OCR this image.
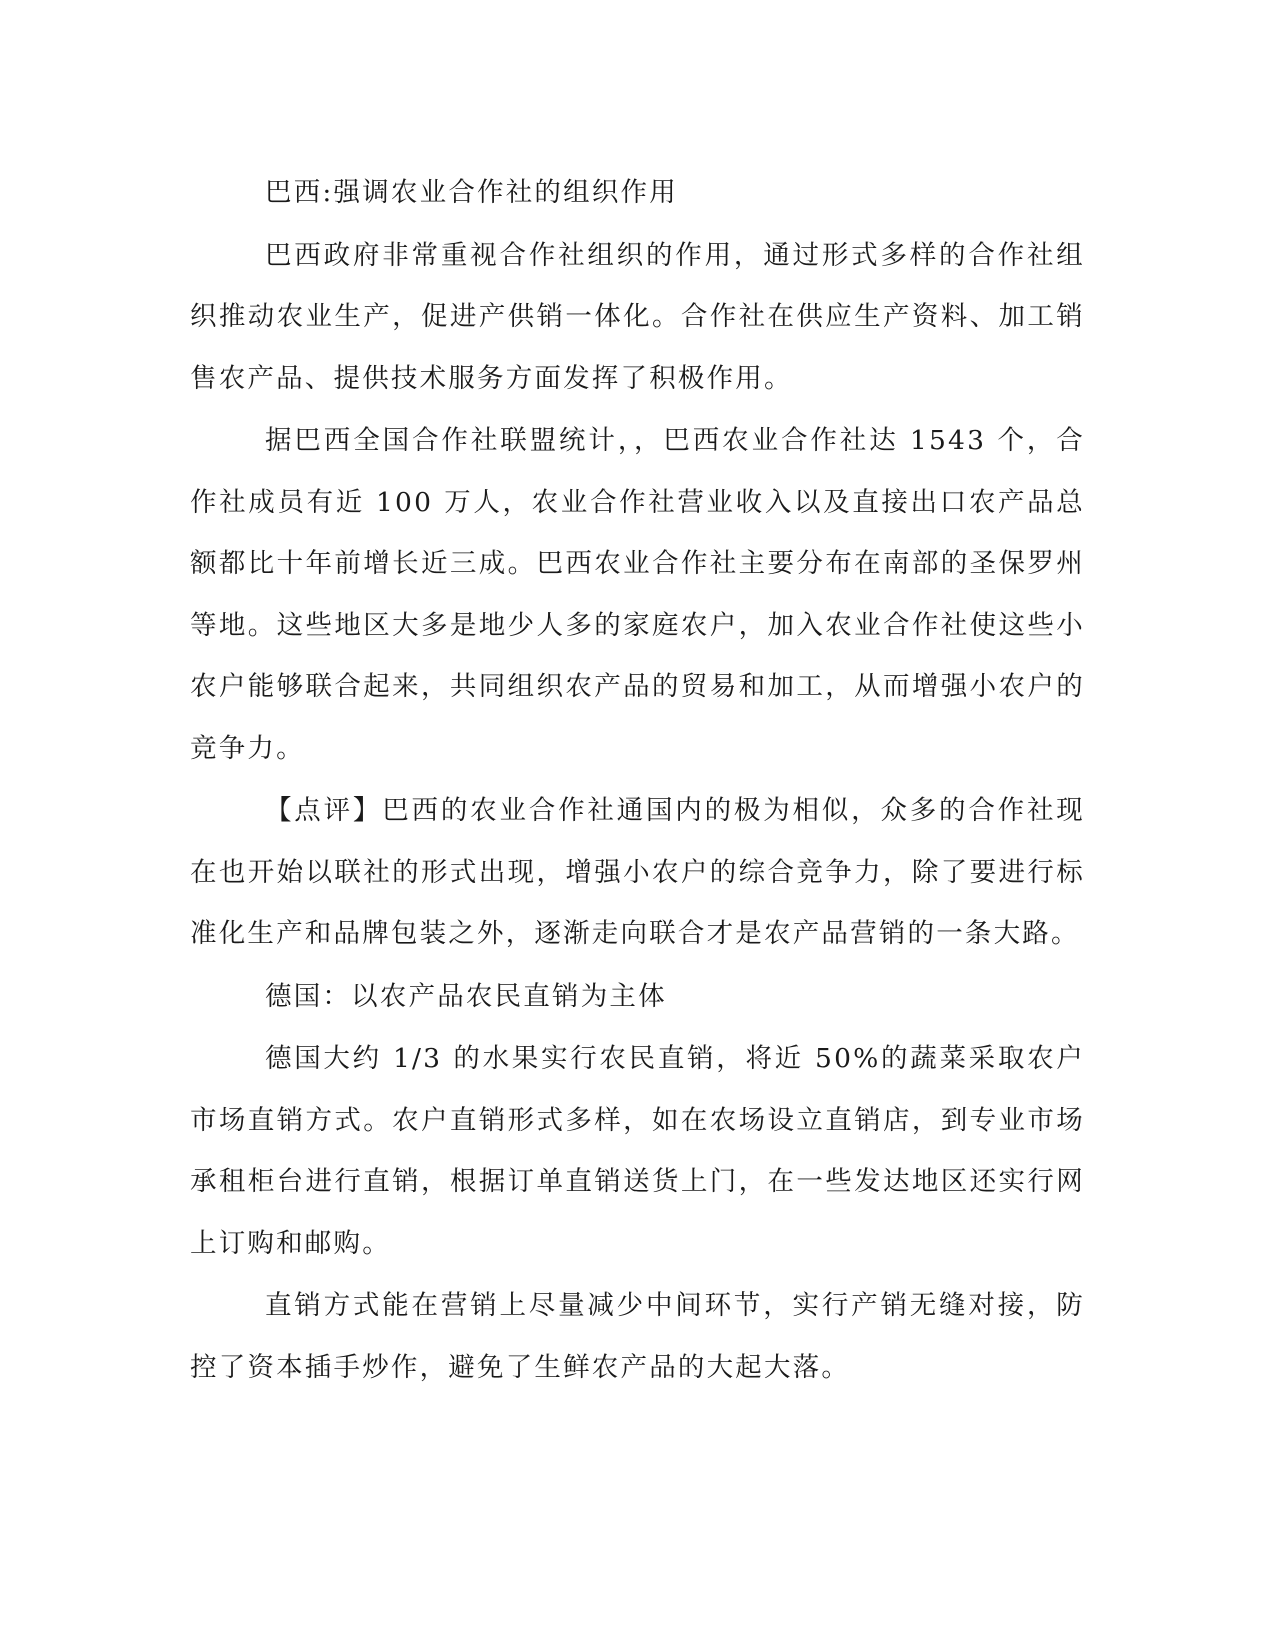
巴西:强调农业合作社的组织作用

巴西政府非常重视合作社组织的作用，通过形式多样的合作社组织推动农业生产，促进产供销一体化。合作社在供应生产资料、加工销售农产品、提供技术服务方面发挥了积极作用。

据巴西全国合作社联盟统计，，巴西农业合作社达 1543 个，合作社成员有近 100 万人，农业合作社营业收入以及直接出口农产品总额都比十年前增长近三成。巴西农业合作社主要分布在南部的圣保罗州等地。这些地区大多是地少人多的家庭农户，加入农业合作社使这些小农户能够联合起来，共同组织农产品的贸易和加工，从而增强小农户的竞争力。

【点评】巴西的农业合作社通国内的极为相似，众多的合作社现在也开始以联社的形式出现，增强小农户的综合竞争力，除了要进行标准化生产和品牌包装之外，逐渐走向联合才是农产品营销的一条大路。

德国：以农产品农民直销为主体

德国大约 1/3 的水果实行农民直销，将近 50%的蔬菜采取农户市场直销方式。农户直销形式多样，如在农场设立直销店，到专业市场承租柜台进行直销，根据订单直销送货上门，在一些发达地区还实行网上订购和邮购。

直销方式能在营销上尽量减少中间环节，实行产销无缝对接，防控了资本插手炒作，避免了生鲜农产品的大起大落。
